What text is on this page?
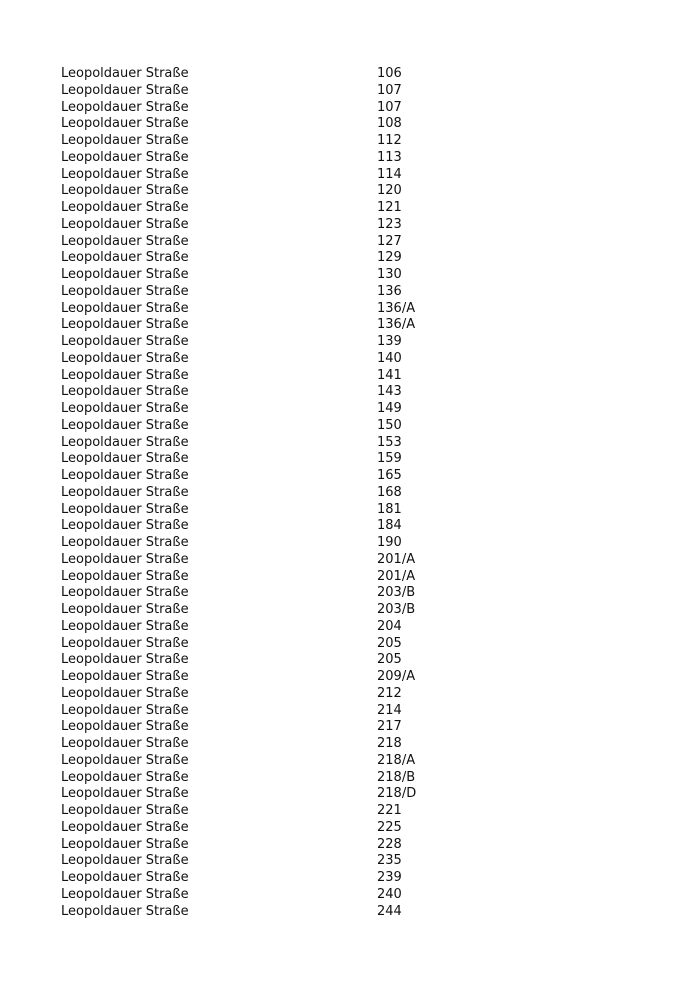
Leopoldauer Straße	106
Leopoldauer Straße	107
Leopoldauer Straße	107
Leopoldauer Straße	108
Leopoldauer Straße	112
Leopoldauer Straße	113
Leopoldauer Straße	114
Leopoldauer Straße	120
Leopoldauer Straße	121
Leopoldauer Straße	123
Leopoldauer Straße	127
Leopoldauer Straße	129
Leopoldauer Straße	130
Leopoldauer Straße	136
Leopoldauer Straße	136/A
Leopoldauer Straße	136/A
Leopoldauer Straße	139
Leopoldauer Straße	140
Leopoldauer Straße	141
Leopoldauer Straße	143
Leopoldauer Straße	149
Leopoldauer Straße	150
Leopoldauer Straße	153
Leopoldauer Straße	159
Leopoldauer Straße	165
Leopoldauer Straße	168
Leopoldauer Straße	181
Leopoldauer Straße	184
Leopoldauer Straße	190
Leopoldauer Straße	201/A
Leopoldauer Straße	201/A
Leopoldauer Straße	203/B
Leopoldauer Straße	203/B
Leopoldauer Straße	204
Leopoldauer Straße	205
Leopoldauer Straße	205
Leopoldauer Straße	209/A
Leopoldauer Straße	212
Leopoldauer Straße	214
Leopoldauer Straße	217
Leopoldauer Straße	218
Leopoldauer Straße	218/A
Leopoldauer Straße	218/B
Leopoldauer Straße	218/D
Leopoldauer Straße	221
Leopoldauer Straße	225
Leopoldauer Straße	228
Leopoldauer Straße	235
Leopoldauer Straße	239
Leopoldauer Straße	240
Leopoldauer Straße	244
